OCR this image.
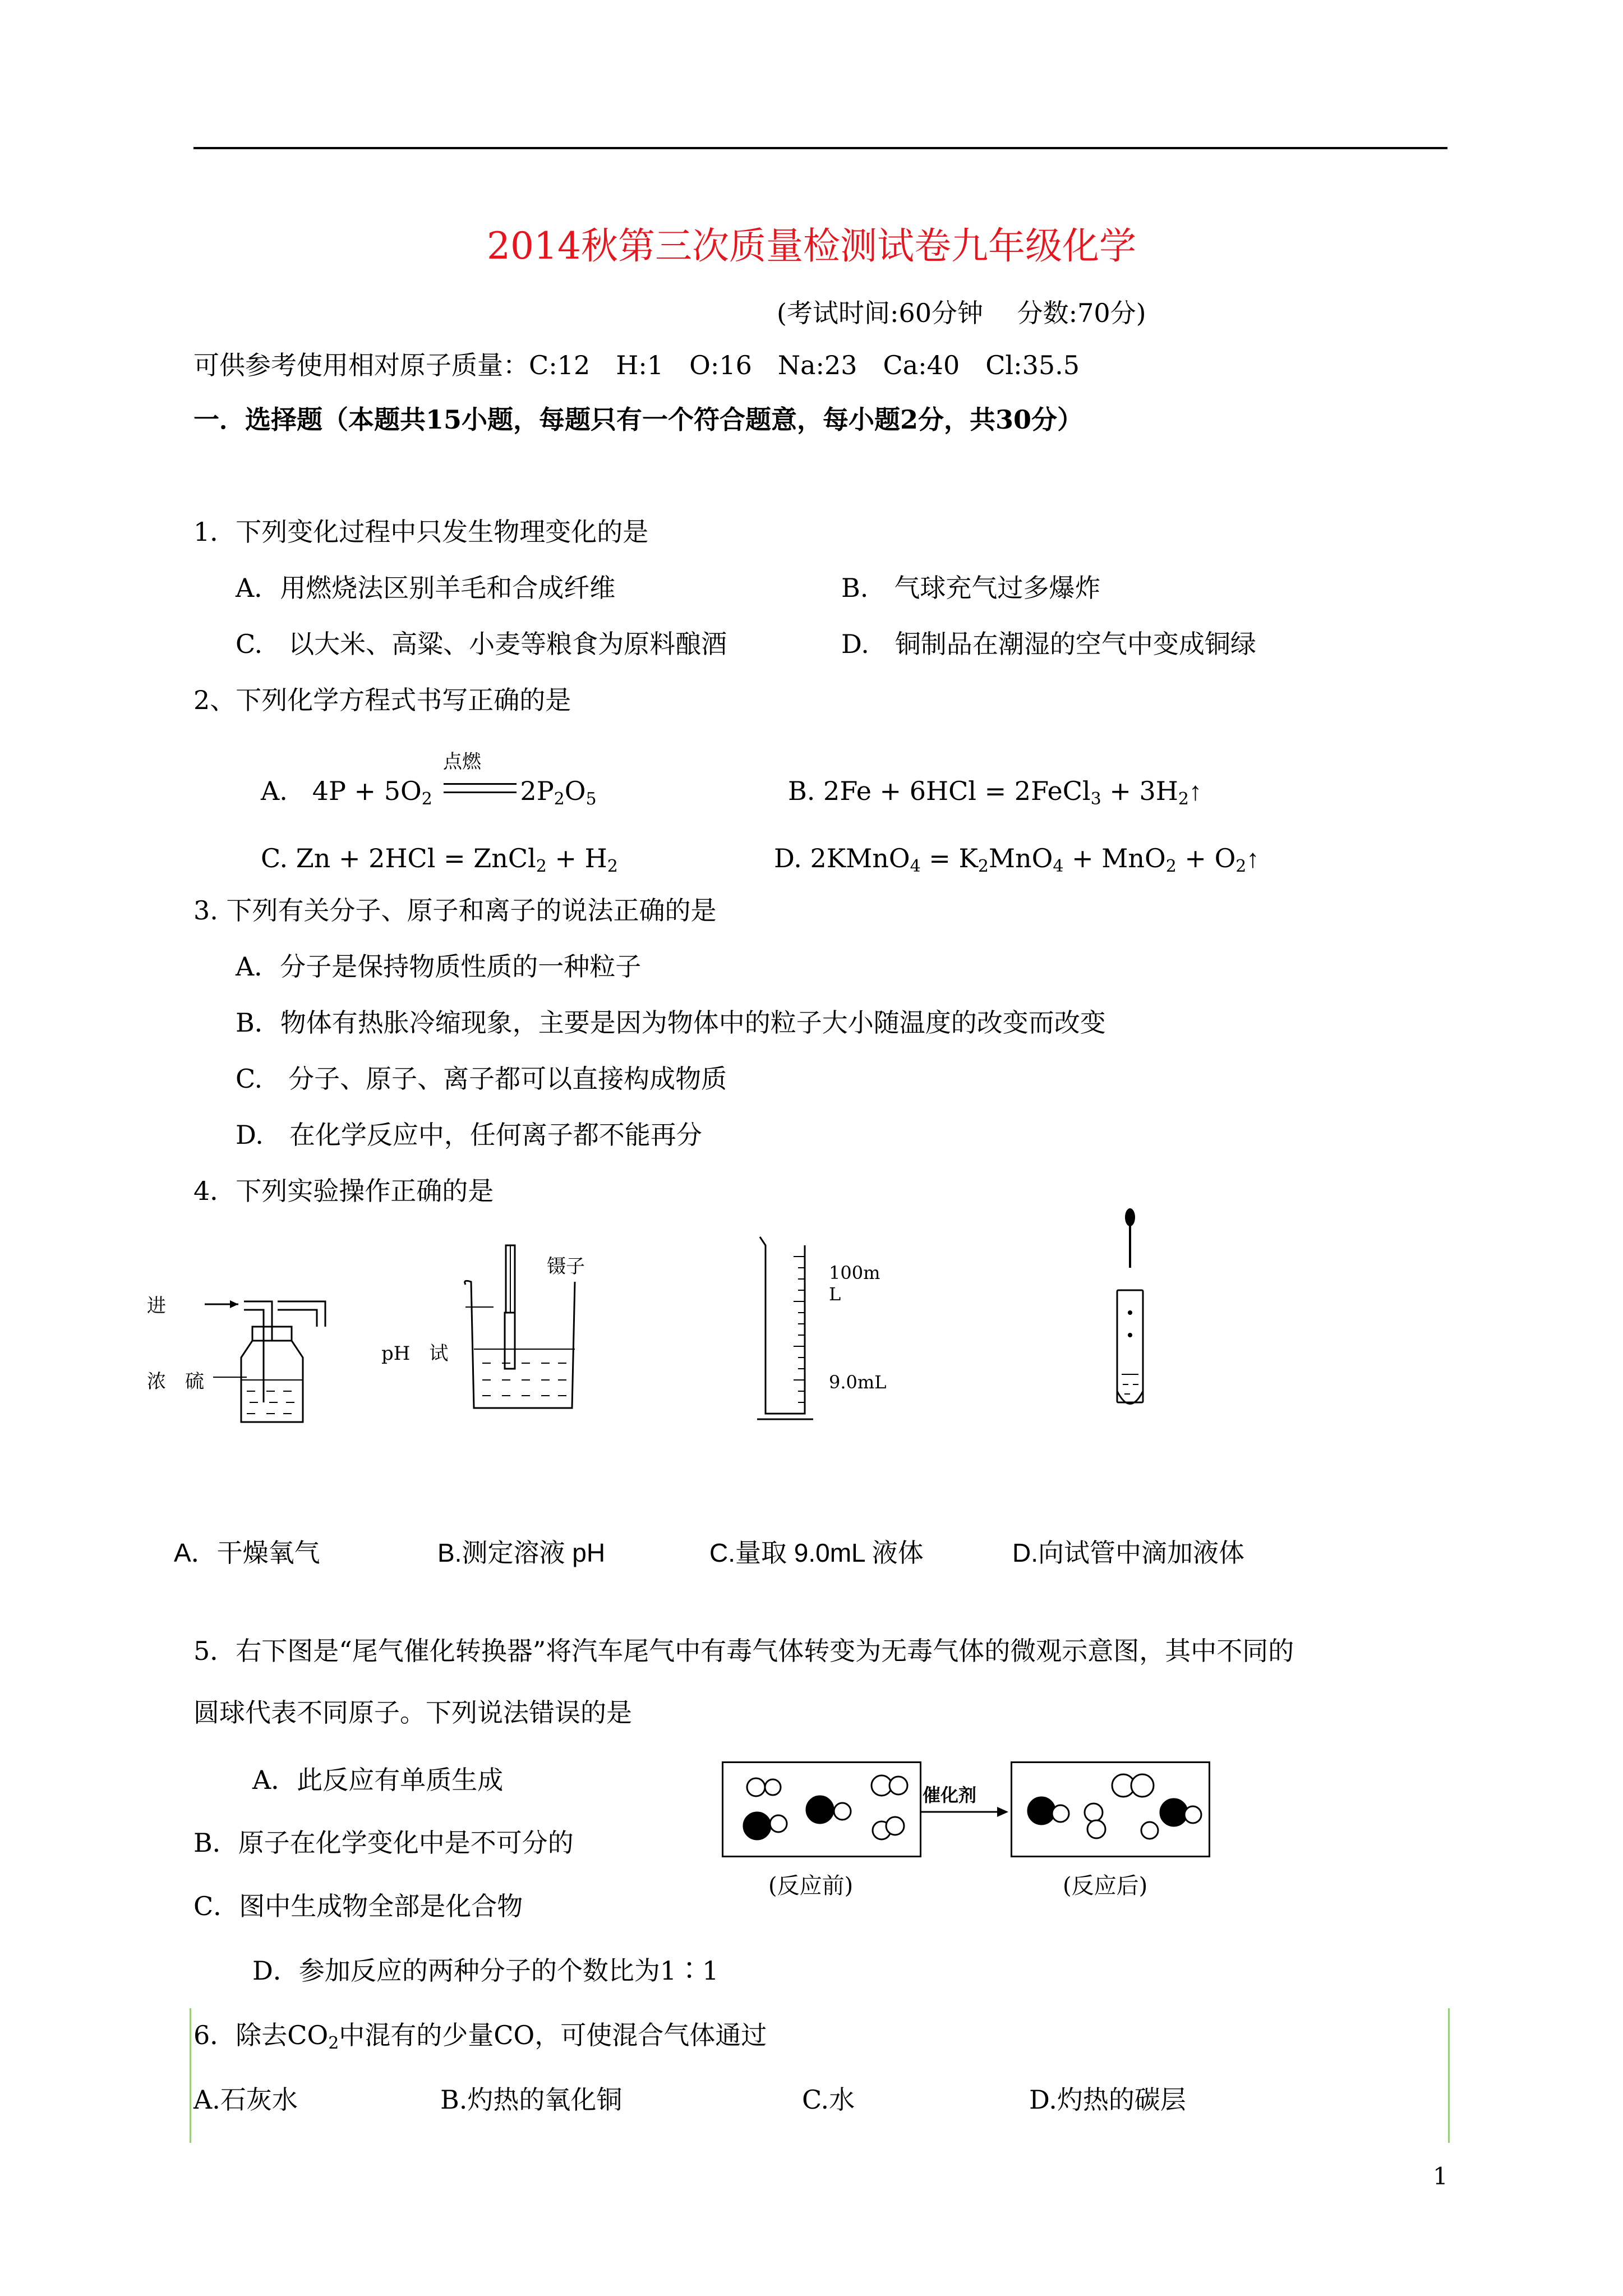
2014秋第三次质量检测试卷九年级化学
(考试时间:60分钟　 分数:70分)
可供参考使用相对原子质量：C:12　H:1　O:16　Na:23　Ca:40　Cl:35.5
一．选择题（本题共15小题，每题只有一个符合题意，每小题2分，共30分）
1．下列变化过程中只发生物理变化的是
A．用燃烧法区别羊毛和合成纤维	B.　气球充气过多爆炸
C.　以大米、高粱、小麦等粮食为原料酿酒	D.　铜制品在潮湿的空气中变成铜绿
2、下列化学方程式书写正确的是
A. $4P + 5O_2$	$2P_2O_5$
点燃
B. 2Fe + 6HCl = 2FeCl$_3$ + $3H_2↑$
C. Zn + 2HCl = ZnCl$_2$ + $H_2$	D. 2KMnO$_4$ = $K_2MnO_4 + MnO_2$ + $O_2↑$
3. 下列有关分子、原子和离子的说法正确的是
A．分子是保持物质性质的一种粒子
B．物体有热胀冷缩现象，主要是因为物体中的粒子大小随温度的改变而改变
C.　分子、原子、离子都可以直接构成物质
D.　在化学反应中，任何离子都不能再分
4．下列实验操作正确的是
进
浓　硫
镊子
pH　试
100m
L
9.0mL
A．干燥氧气	B.测定溶液 pH	C.量取 9.0mL 液体	D.向试管中滴加液体
5．右下图是“尾气催化转换器”将汽车尾气中有毒气体转变为无毒气体的微观示意图，其中不同的
圆球代表不同原子。下列说法错误的是
A．此反应有单质生成
B．原子在化学变化中是不可分的
C．图中生成物全部是化合物
D．参加反应的两种分子的个数比为1∶1
催化剂
(反应前)	(反应后)
6．除去$CO_2$中混有的少量CO，可使混合气体通过
A.石灰水	B.灼热的氧化铜	C.水	D.灼热的碳层
1
